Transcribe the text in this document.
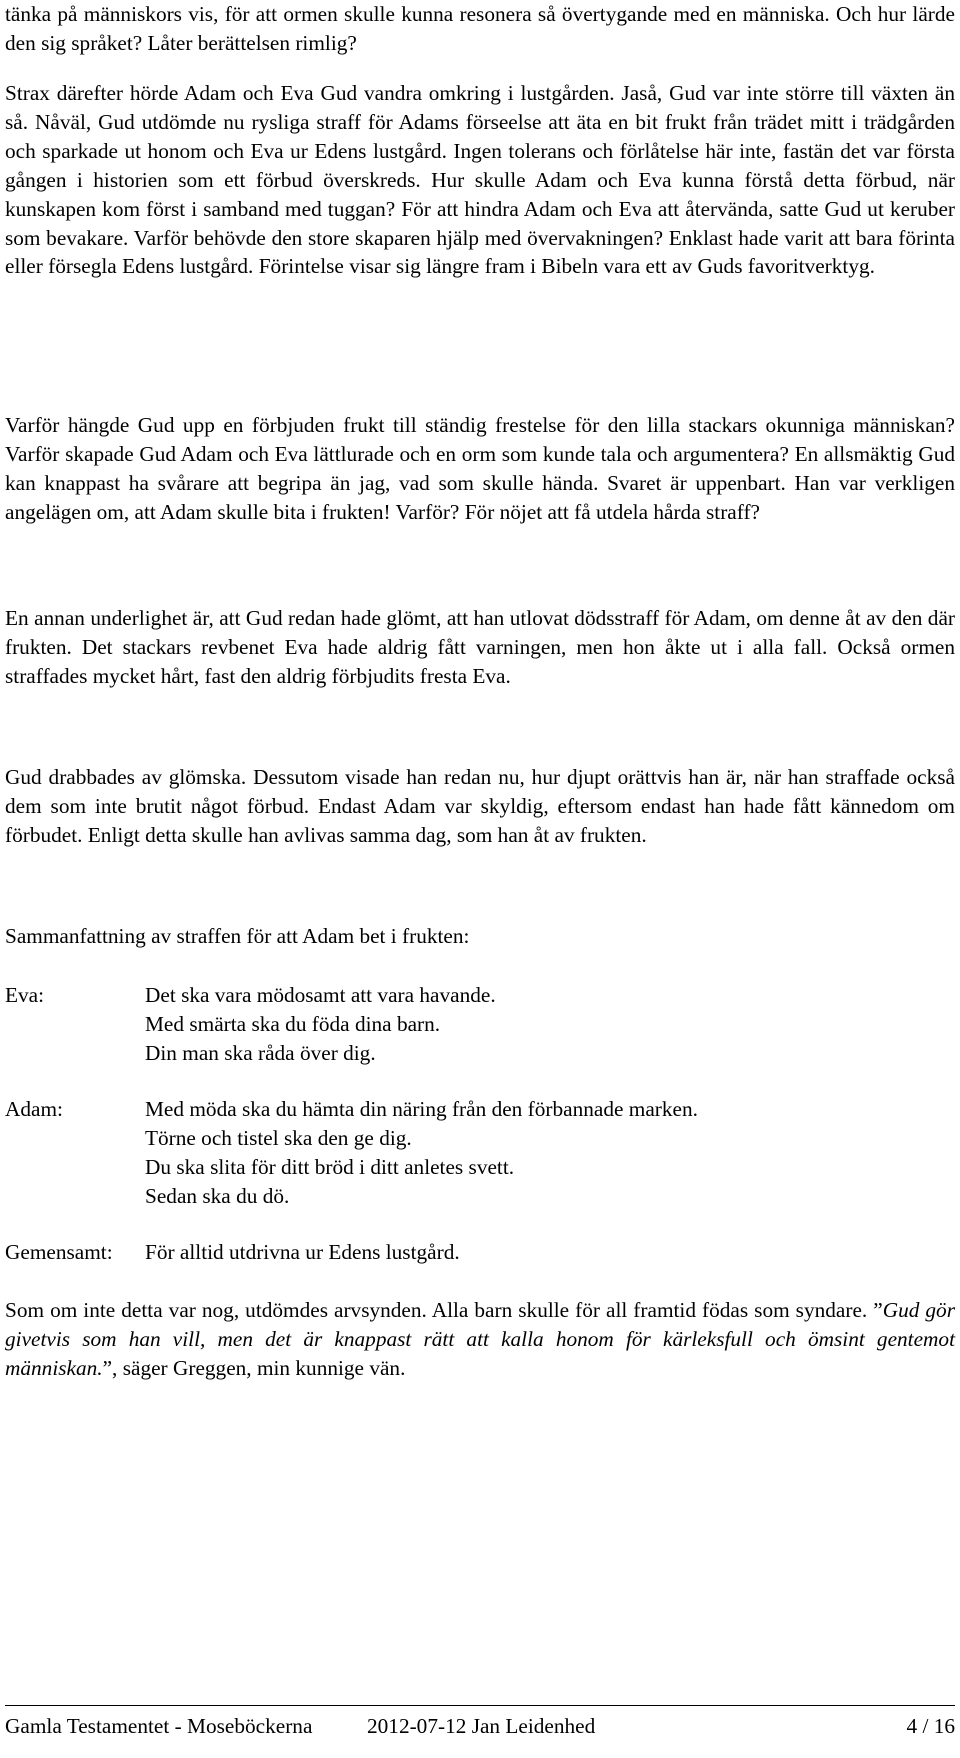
tänka på människors vis, för att ormen skulle kunna resonera så övertygande med en människa. Och hur lärde den sig språket? Låter berättelsen rimlig?

Strax därefter hörde Adam och Eva Gud vandra omkring i lustgården. Jaså, Gud var inte större till växten än så. Nåväl, Gud utdömde nu rysliga straff för Adams förseelse att äta en bit frukt från trädet mitt i trädgården och sparkade ut honom och Eva ur Edens lustgård. Ingen tolerans och förlåtelse här inte, fastän det var första gången i historien som ett förbud överskreds. Hur skulle Adam och Eva kunna förstå detta förbud, när kunskapen kom först i samband med tuggan? För att hindra Adam och Eva att återvända, satte Gud ut keruber som bevakare. Varför behövde den store skaparen hjälp med övervakningen? Enklast hade varit att bara förinta eller försegla Edens lustgård. Förintelse visar sig längre fram i Bibeln vara ett av Guds favoritverktyg.

Varför hängde Gud upp en förbjuden frukt till ständig frestelse för den lilla stackars okunniga människan? Varför skapade Gud Adam och Eva lättlurade och en orm som kunde tala och argumentera? En allsmäktig Gud kan knappast ha svårare att begripa än jag, vad som skulle hända. Svaret är uppenbart. Han var verkligen angelägen om, att Adam skulle bita i frukten! Varför? För nöjet att få utdela hårda straff?

En annan underlighet är, att Gud redan hade glömt, att han utlovat dödsstraff för Adam, om denne åt av den där frukten. Det stackars revbenet Eva hade aldrig fått varningen, men hon åkte ut i alla fall. Också ormen straffades mycket hårt, fast den aldrig förbjudits fresta Eva.

Gud drabbades av glömska. Dessutom visade han redan nu, hur djupt orättvis han är, när han straffade också dem som inte brutit något förbud. Endast Adam var skyldig, eftersom endast han hade fått kännedom om förbudet. Enligt detta skulle han avlivas samma dag, som han åt av frukten.

Sammanfattning av straffen för att Adam bet i frukten:

Eva:	Det ska vara mödosamt att vara havande.
Med smärta ska du föda dina barn.
Din man ska råda över dig.
Adam:	Med möda ska du hämta din näring från den förbannade marken.
Törne och tistel ska den ge dig.
Du ska slita för ditt bröd i ditt anletes svett.
Sedan ska du dö.
Gemensamt: För alltid utdrivna ur Edens lustgård.

Som om inte detta var nog, utdömdes arvsynden. Alla barn skulle för all framtid födas som syndare. ”Gud gör givetvis som han vill, men det är knappast rätt att kalla honom för kärleksfull och ömsint gentemot människan.”, säger Greggen, min kunnige vän.

Gamla Testamentet - Moseböckerna	2012-07-12 Jan Leidenhed	4 / 16
